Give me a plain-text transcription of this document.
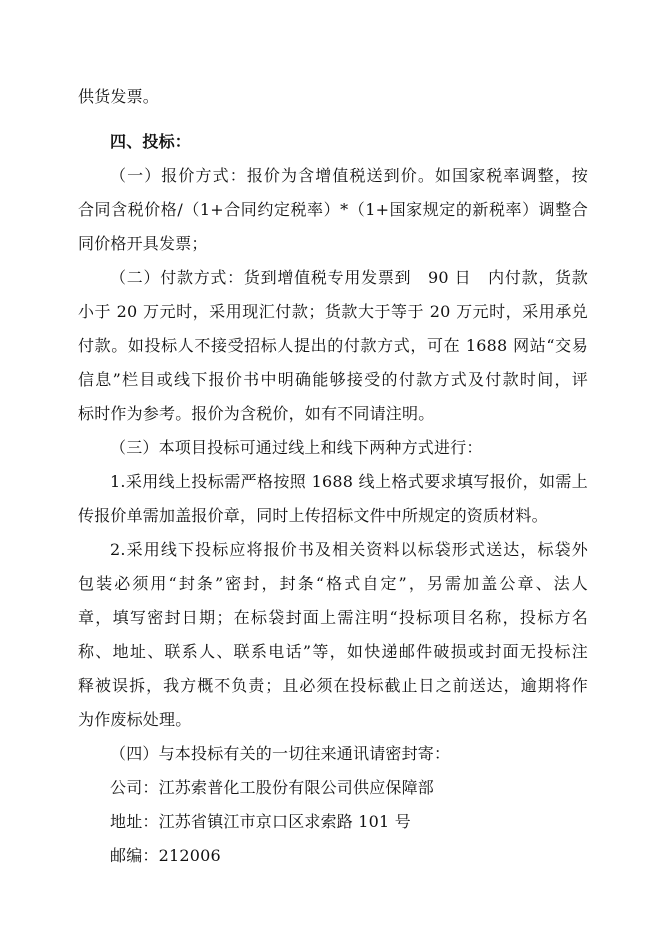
供货发票。
四、投标：
（一）报价方式：报价为含增值税送到价。如国家税率调整，按
合同含税价格/（1+合同约定税率）*（1+国家规定的新税率）调整合
同价格开具发票；
（二）付款方式：货到增值税专用发票到　90 日　内付款，货款
小于 20 万元时，采用现汇付款；货款大于等于 20 万元时，采用承兑
付款。如投标人不接受招标人提出的付款方式，可在 1688 网站“交易
信息”栏目或线下报价书中明确能够接受的付款方式及付款时间，评
标时作为参考。报价为含税价，如有不同请注明。
（三）本项目投标可通过线上和线下两种方式进行：
1.采用线上投标需严格按照 1688 线上格式要求填写报价，如需上
传报价单需加盖报价章，同时上传招标文件中所规定的资质材料。
2.采用线下投标应将报价书及相关资料以标袋形式送达，标袋外
包装必须用“封条”密封，封条“格式自定”，另需加盖公章、法人
章，填写密封日期；在标袋封面上需注明“投标项目名称，投标方名
称、地址、联系人、联系电话”等，如快递邮件破损或封面无投标注
释被误拆，我方概不负责；且必须在投标截止日之前送达，逾期将作
为作废标处理。
（四）与本投标有关的一切往来通讯请密封寄：
公司：江苏索普化工股份有限公司供应保障部
地址：江苏省镇江市京口区求索路 101 号
邮编：212006
